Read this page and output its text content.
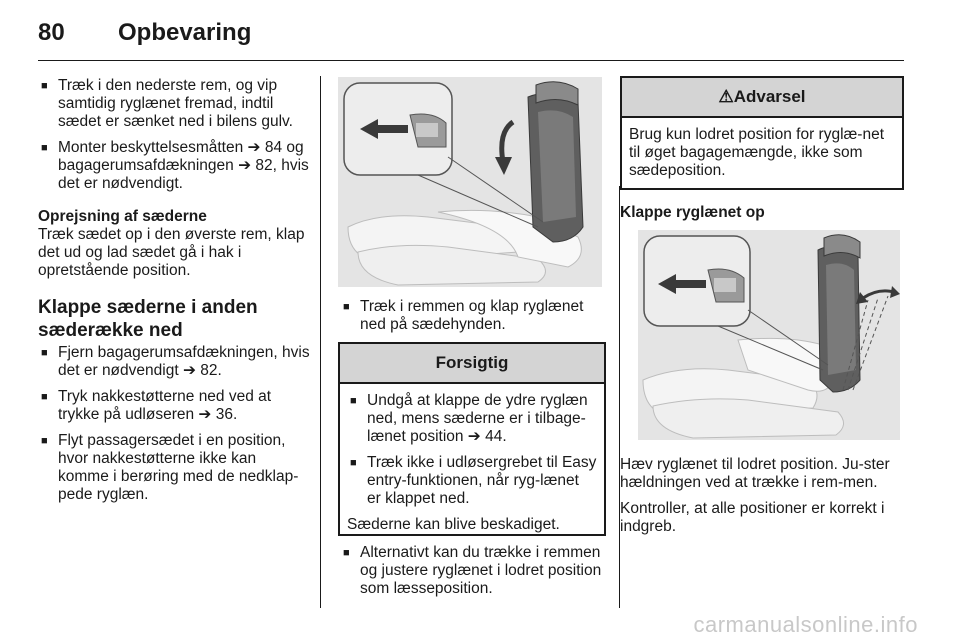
80 Opbevaring
■ Træk i den nederste rem, og vip samtidig ryglænet fremad, indtil sædet er sænket ned i bilens gulv.
■ Monter beskyttelsesmåtten ➔ 84 og bagagerumsafdækningen ➔ 82, hvis det er nødvendigt.
Oprejsning af sæderne
Træk sædet op i den øverste rem, klap det ud og lad sædet gå i hak i opretstående position.
Klappe sæderne i anden sæderække ned
■ Fjern bagagerumsafdækningen, hvis det er nødvendigt ➔ 82.
■ Tryk nakkestøtterne ned ved at trykke på udløseren ➔ 36.
■ Flyt passagersædet i en position, hvor nakkestøtterne ikke kan komme i berøring med de nedklap-pede ryglæn.
■ Træk i remmen og klap ryglænet ned på sædehynden.
Forsigtig
■ Undgå at klappe de ydre ryglæn ned, mens sæderne er i tilbage-lænet position ➔ 44.
■ Træk ikke i udløsergrebet til Easy entry-funktionen, når ryg-lænet er klappet ned.
Sæderne kan blive beskadiget.
■ Alternativt kan du trække i remmen og justere ryglænet i lodret position som læsseposition.
⚠Advarsel
Brug kun lodret position for ryglæ-net til øget bagagemængde, ikke som sædeposition.
Klappe ryglænet op
Hæv ryglænet til lodret position. Ju-ster hældningen ved at trække i rem-men.
Kontroller, at alle positioner er korrekt i indgreb.
carmanualsonline.info
